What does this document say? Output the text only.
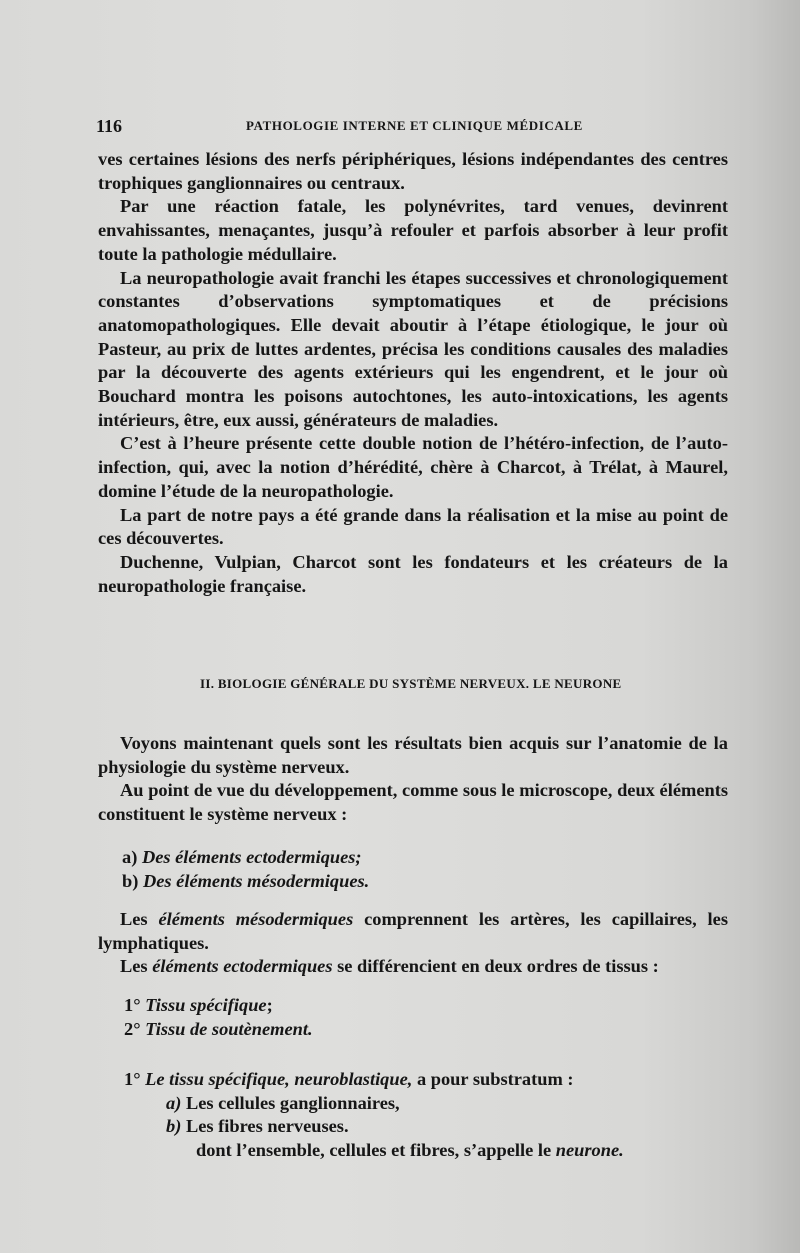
116	PATHOLOGIE INTERNE ET CLINIQUE MÉDICALE

ves certaines lésions des nerfs périphériques, lésions indépendantes des centres trophiques ganglionnaires ou centraux.

Par une réaction fatale, les polynévrites, tard venues, devinrent envahissantes, menaçantes, jusqu’à refouler et parfois absorber à leur profit toute la pathologie médullaire.

La neuropathologie avait franchi les étapes successives et chronologiquement constantes d’observations symptomatiques et de précisions anatomopathologiques. Elle devait aboutir à l’étape étiologique, le jour où Pasteur, au prix de luttes ardentes, précisa les conditions causales des maladies par la découverte des agents extérieurs qui les engendrent, et le jour où Bouchard montra les poisons autochtones, les auto-intoxications, les agents intérieurs, être, eux aussi, générateurs de maladies.

C’est à l’heure présente cette double notion de l’hétéro-infection, de l’auto-infection, qui, avec la notion d’hérédité, chère à Charcot, à Trélat, à Maurel, domine l’étude de la neuropathologie.

La part de notre pays a été grande dans la réalisation et la mise au point de ces découvertes.

Duchenne, Vulpian, Charcot sont les fondateurs et les créateurs de la neuropathologie française.

II. BIOLOGIE GÉNÉRALE DU SYSTÈME NERVEUX. LE NEURONE

Voyons maintenant quels sont les résultats bien acquis sur l’anatomie de la physiologie du système nerveux.

Au point de vue du développement, comme sous le microscope, deux éléments constituent le système nerveux :

a) Des éléments ectodermiques;
b) Des éléments mésodermiques.

Les éléments mésodermiques comprennent les artères, les capillaires, les lymphatiques.

Les éléments ectodermiques se différencient en deux ordres de tissus :

1° Tissu spécifique;
2° Tissu de soutènement.
1° Le tissu spécifique, neuroblastique, a pour substratum :
a) Les cellules ganglionnaires,
b) Les fibres nerveuses.
dont l’ensemble, cellules et fibres, s’appelle le neurone.
